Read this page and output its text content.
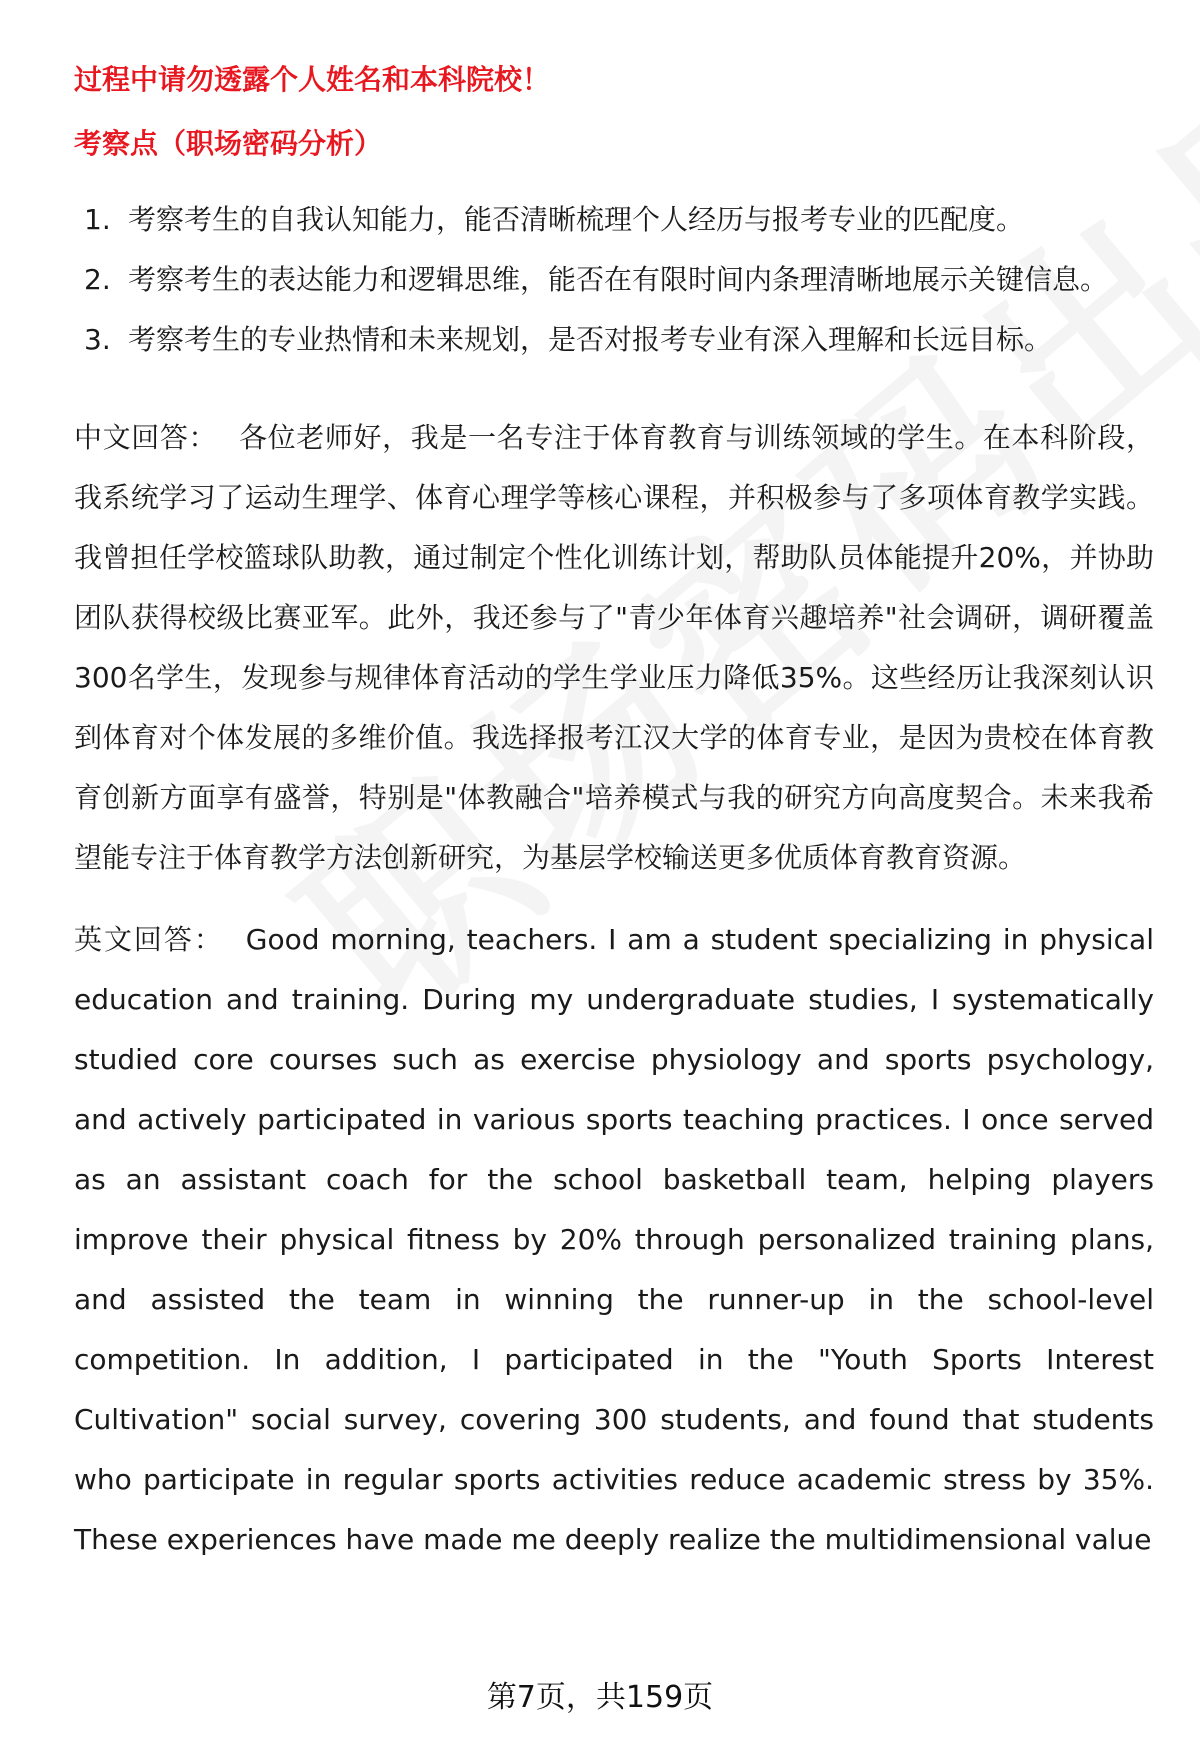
过程中请勿透露个人姓名和本科院校！
考察点（职场密码分析）
1. 考察考生的自我认知能力，能否清晰梳理个人经历与报考专业的匹配度。
2. 考察考生的表达能力和逻辑思维，能否在有限时间内条理清晰地展示关键信息。
3. 考察考生的专业热情和未来规划，是否对报考专业有深入理解和长远目标。

中文回答： 各位老师好，我是一名专注于体育教育与训练领域的学生。在本科阶段，我系统学习了运动生理学、体育心理学等核心课程，并积极参与了多项体育教学实践。我曾担任学校篮球队助教，通过制定个性化训练计划，帮助队员体能提升20%，并协助团队获得校级比赛亚军。此外，我还参与了"青少年体育兴趣培养"社会调研，调研覆盖300名学生，发现参与规律体育活动的学生学业压力降低35%。这些经历让我深刻认识到体育对个体发展的多维价值。我选择报考江汉大学的体育专业，是因为贵校在体育教育创新方面享有盛誉，特别是"体教融合"培养模式与我的研究方向高度契合。未来我希望能专注于体育教学方法创新研究，为基层学校输送更多优质体育教育资源。

英文回答： Good morning, teachers. I am a student specializing in physical education and training. During my undergraduate studies, I systematically studied core courses such as exercise physiology and sports psychology, and actively participated in various sports teaching practices. I once served as an assistant coach for the school basketball team, helping players improve their physical fitness by 20% through personalized training plans, and assisted the team in winning the runner-up in the school-level competition. In addition, I participated in the "Youth Sports Interest Cultivation" social survey, covering 300 students, and found that students who participate in regular sports activities reduce academic stress by 35%. These experiences have made me deeply realize the multidimensional value

第7页，共159页
